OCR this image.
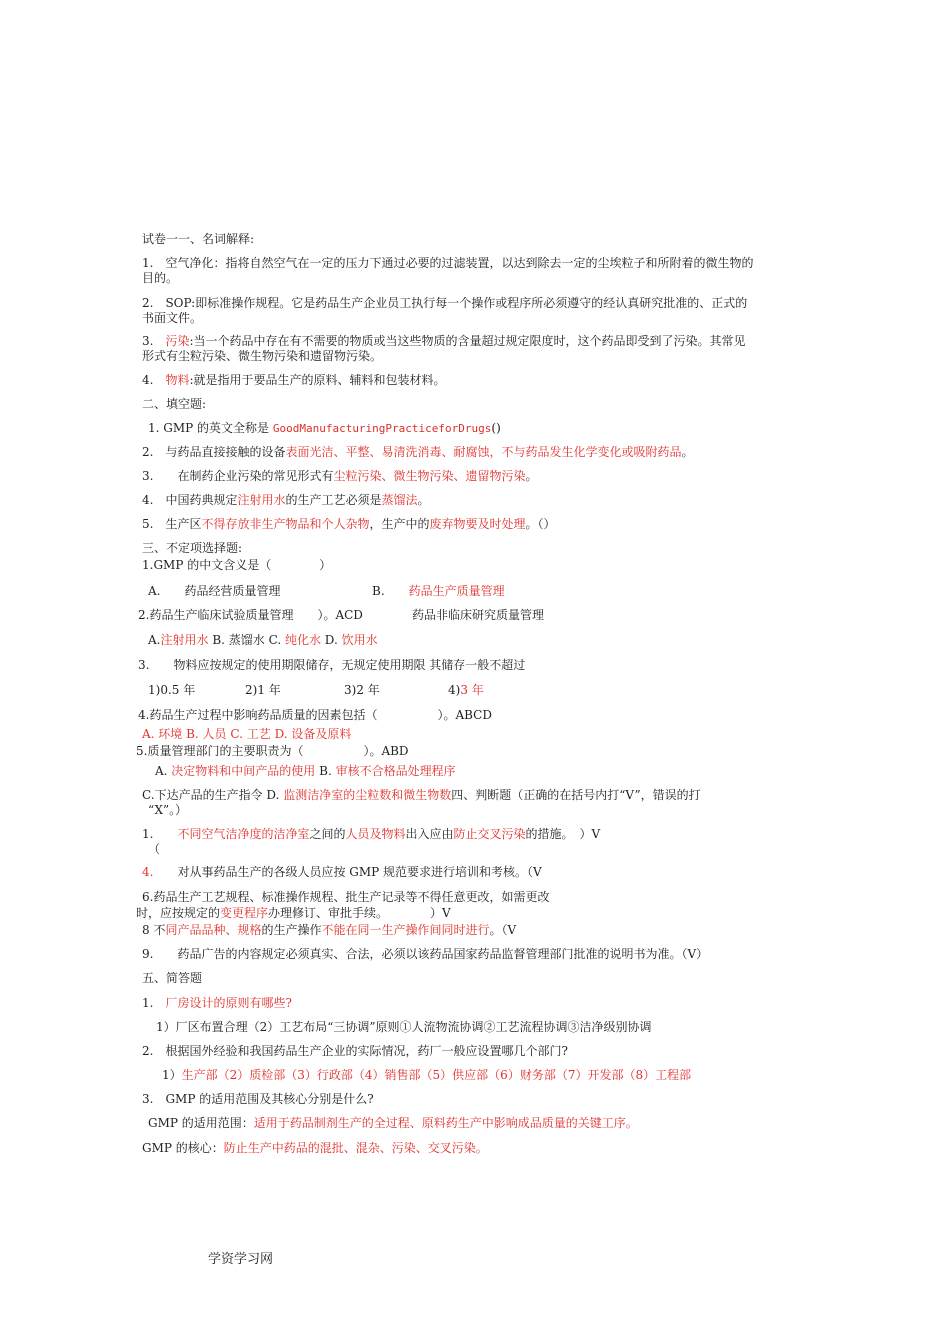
试卷一一、名词解释:
1.　空气净化：指将自然空气在一定的压力下通过必要的过滤装置，以达到除去一定的尘埃粒子和所附着的微生物的目的。
2.　SOP:即标准操作规程。它是药品生产企业员工执行每一个操作或程序所必须遵守的经认真研究批准的、正式的书面文件。
3.　 污染:当一个药品中存在有不需要的物质或当这些物质的含量超过规定限度时，这个药品即受到了污染。其常见形式有尘粒污染、微生物污染和遗留物污染。
4.　 物料:就是指用于要品生产的原料、辅料和包装材料。
二、填空题:
1. GMP 的英文全称是 GoodManufacturingPracticeforDrugs()
2.　与药品直接接触的设备表面光洁、平整、易清洗消毒、耐腐蚀，不与药品发生化学变化或吸附药品。
3.　　在制药企业污染的常见形式有尘粒污染、微生物污染、遗留物污染。
4.　中国药典规定注射用水的生产工艺必须是蒸馏法。
5.　生产区不得存放非生产物品和个人杂物，生产中的废弃物要及时处理。（）
三、不定项选择题:
1.GMP 的中文含义是（　　　　）
A.　　药品经营质量管理	B.　　 药品生产质量管理
2.药品生产临床试验质量管理　　）。ACD	药品非临床研究质量管理
A.注射用水 B. 蒸馏水 C. 纯化水 D. 饮用水
3.　　物料应按规定的使用期限储存，无规定使用期限 其储存一般不超过
1)0.5 年	2)1 年	3)2 年	4)3 年
4.药品生产过程中影响药品质量的因素包括（　　　　　）。ABCD
A. 环境 B. 人员 C. 工艺 D. 设备及原料
5.质量管理部门的主要职责为（　　　　　）。ABD
A. 决定物料和中间产品的使用 B. 审核不合格品处理程序
C.下达产品的生产指令 D. 监测洁净室的尘粒数和微生物数四、判断题（正确的在括号内打“V”，错误的打
“X”。）
1.　　 不同空气洁净度的洁净室之间的人员及物料出入应由防止交叉污染的措施。　）V
（
4.　　 对从事药品生产的各级人员应按 GMP 规范要求进行培训和考核。（V
6.药品生产工艺规程、标准操作规程、批生产记录等不得任意更改，如需更改
时，应按规定的变更程序办理修订、审批手续。　　　　）V
8 不同产品品种、规格的生产操作不能在同一生产操作间同时进行。（V
9.　　药品广告的内容规定必须真实、合法，必须以该药品国家药品监督管理部门批准的说明书为准。（V）
五、简答题
1.　 厂房设计的原则有哪些?
1）厂区布置合理（2）工艺布局“三协调”原则①人流物流协调②工艺流程协调③洁净级别协调
2.　根据国外经验和我国药品生产企业的实际情况，药厂一般应设置哪几个部门?
1）生产部（2）质检部（3）行政部（4）销售部（5）供应部（6）财务部（7）开发部（8）工程部
3.　GMP 的适用范围及其核心分别是什么?
GMP 的适用范围：适用于药品制剂生产的全过程、原料药生产中影响成品质量的关键工序。
GMP 的核心：防止生产中药品的混批、混杂、污染、交叉污染。
学资学习网
